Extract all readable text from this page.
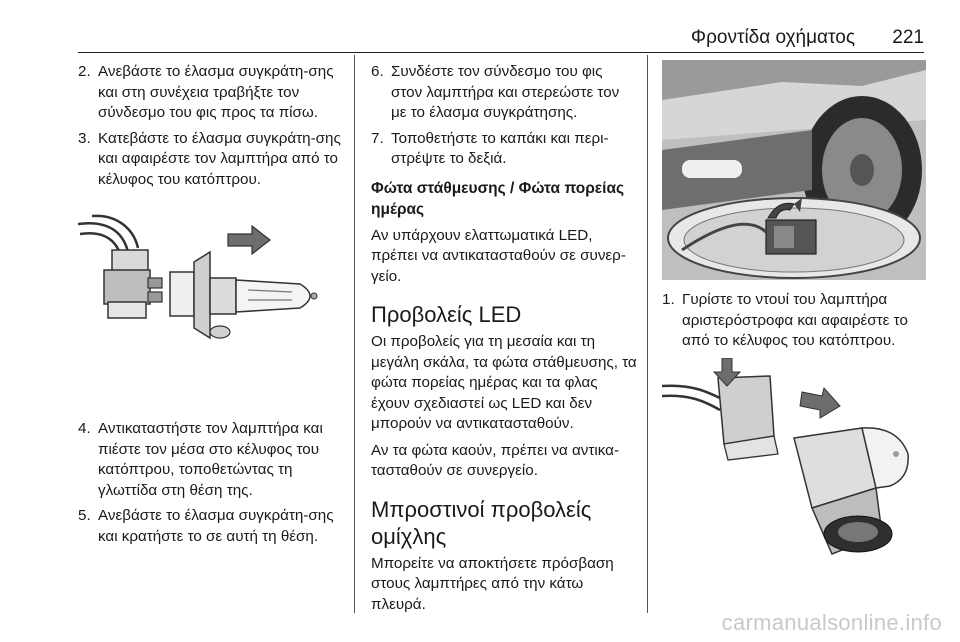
Φροντίδα οχήματος 221
2. Ανεβάστε το έλασμα συγκράτη-σης και στη συνέχεια τραβήξτε τον σύνδεσμο του φις προς τα πίσω.
3. Κατεβάστε το έλασμα συγκράτη-σης και αφαιρέστε τον λαμπτήρα από το κέλυφος του κατόπτρου.
4. Αντικαταστήστε τον λαμπτήρα και πιέστε τον μέσα στο κέλυφος του κατόπτρου, τοποθετώντας τη γλωττίδα στη θέση της.
5. Ανεβάστε το έλασμα συγκράτη-σης και κρατήστε το σε αυτή τη θέση.
6. Συνδέστε τον σύνδεσμο του φις στον λαμπτήρα και στερεώστε τον με το έλασμα συγκράτησης.
7. Τοποθετήστε το καπάκι και περι-στρέψτε το δεξιά.
Φώτα στάθμευσης / Φώτα πορείας ημέρας
Αν υπάρχουν ελαττωματικά LED, πρέπει να αντικατασταθούν σε συνερ-γείο.
Προβολείς LED
Οι προβολείς για τη μεσαία και τη μεγάλη σκάλα, τα φώτα στάθμευσης, τα φώτα πορείας ημέρας και τα φλας έχουν σχεδιαστεί ως LED και δεν μπορούν να αντικατασταθούν.
Αν τα φώτα καούν, πρέπει να αντικα-τασταθούν σε συνεργείο.
Μπροστινοί προβολείς ομίχλης
Μπορείτε να αποκτήσετε πρόσβαση στους λαμπτήρες από την κάτω πλευρά.
1. Γυρίστε το ντουί του λαμπτήρα αριστερόστροφα και αφαιρέστε το από το κέλυφος του κατόπτρου.
carmanualsonline.info
